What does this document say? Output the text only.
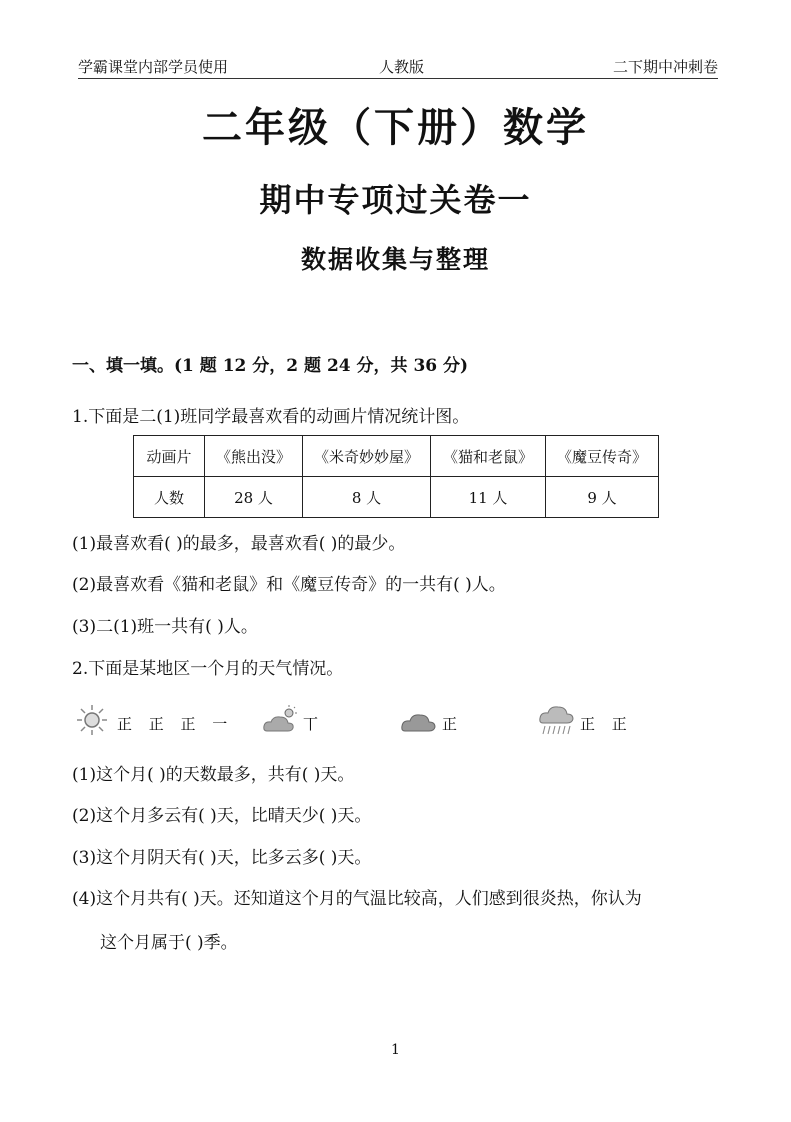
学霸课堂内部学员使用	人教版	二下期中冲刺卷
二年级（下册）数学
期中专项过关卷一
数据收集与整理
一、填一填。(1 题 12 分，2 题 24 分，共 36 分)
1.下面是二(1)班同学最喜欢看的动画片情况统计图。
动画片	《熊出没》	《米奇妙妙屋》	《猫和老鼠》	《魔豆传奇》
人数	28 人	8 人	11 人	9 人
(1)最喜欢看( )的最多，最喜欢看( )的最少。
(2)最喜欢看《猫和老鼠》和《魔豆传奇》的一共有( )人。
(3)二(1)班一共有( )人。
2.下面是某地区一个月的天气情况。
正 正 正 一	丅	正	正 正
(1)这个月( )的天数最多，共有( )天。
(2)这个月多云有( )天，比晴天少( )天。
(3)这个月阴天有( )天，比多云多( )天。
(4)这个月共有( )天。还知道这个月的气温比较高，人们感到很炎热，你认为
这个月属于( )季。
1
